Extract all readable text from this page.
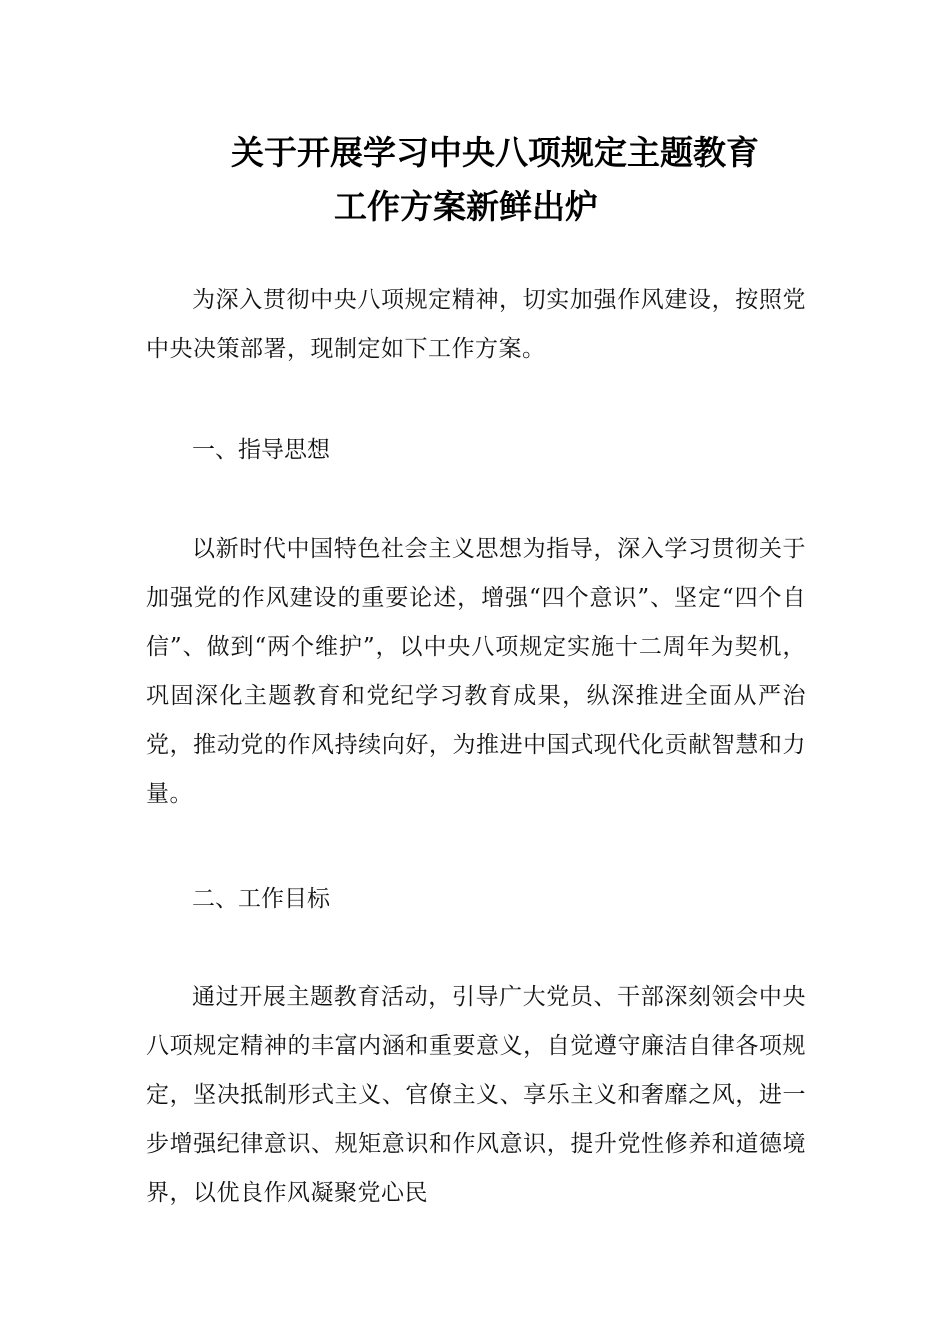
关于开展学习中央八项规定主题教育
工作方案新鲜出炉

为深入贯彻中央八项规定精神，切实加强作风建设，按照党中央决策部署，现制定如下工作方案。

一、指导思想

以新时代中国特色社会主义思想为指导，深入学习贯彻关于加强党的作风建设的重要论述，增强“四个意识”、坚定“四个自信”、做到“两个维护”，以中央八项规定实施十二周年为契机，巩固深化主题教育和党纪学习教育成果，纵深推进全面从严治党，推动党的作风持续向好，为推进中国式现代化贡献智慧和力量。

二、工作目标

通过开展主题教育活动，引导广大党员、干部深刻领会中央八项规定精神的丰富内涵和重要意义，自觉遵守廉洁自律各项规定，坚决抵制形式主义、官僚主义、享乐主义和奢靡之风，进一步增强纪律意识、规矩意识和作风意识，提升党性修养和道德境界，以优良作风凝聚党心民
